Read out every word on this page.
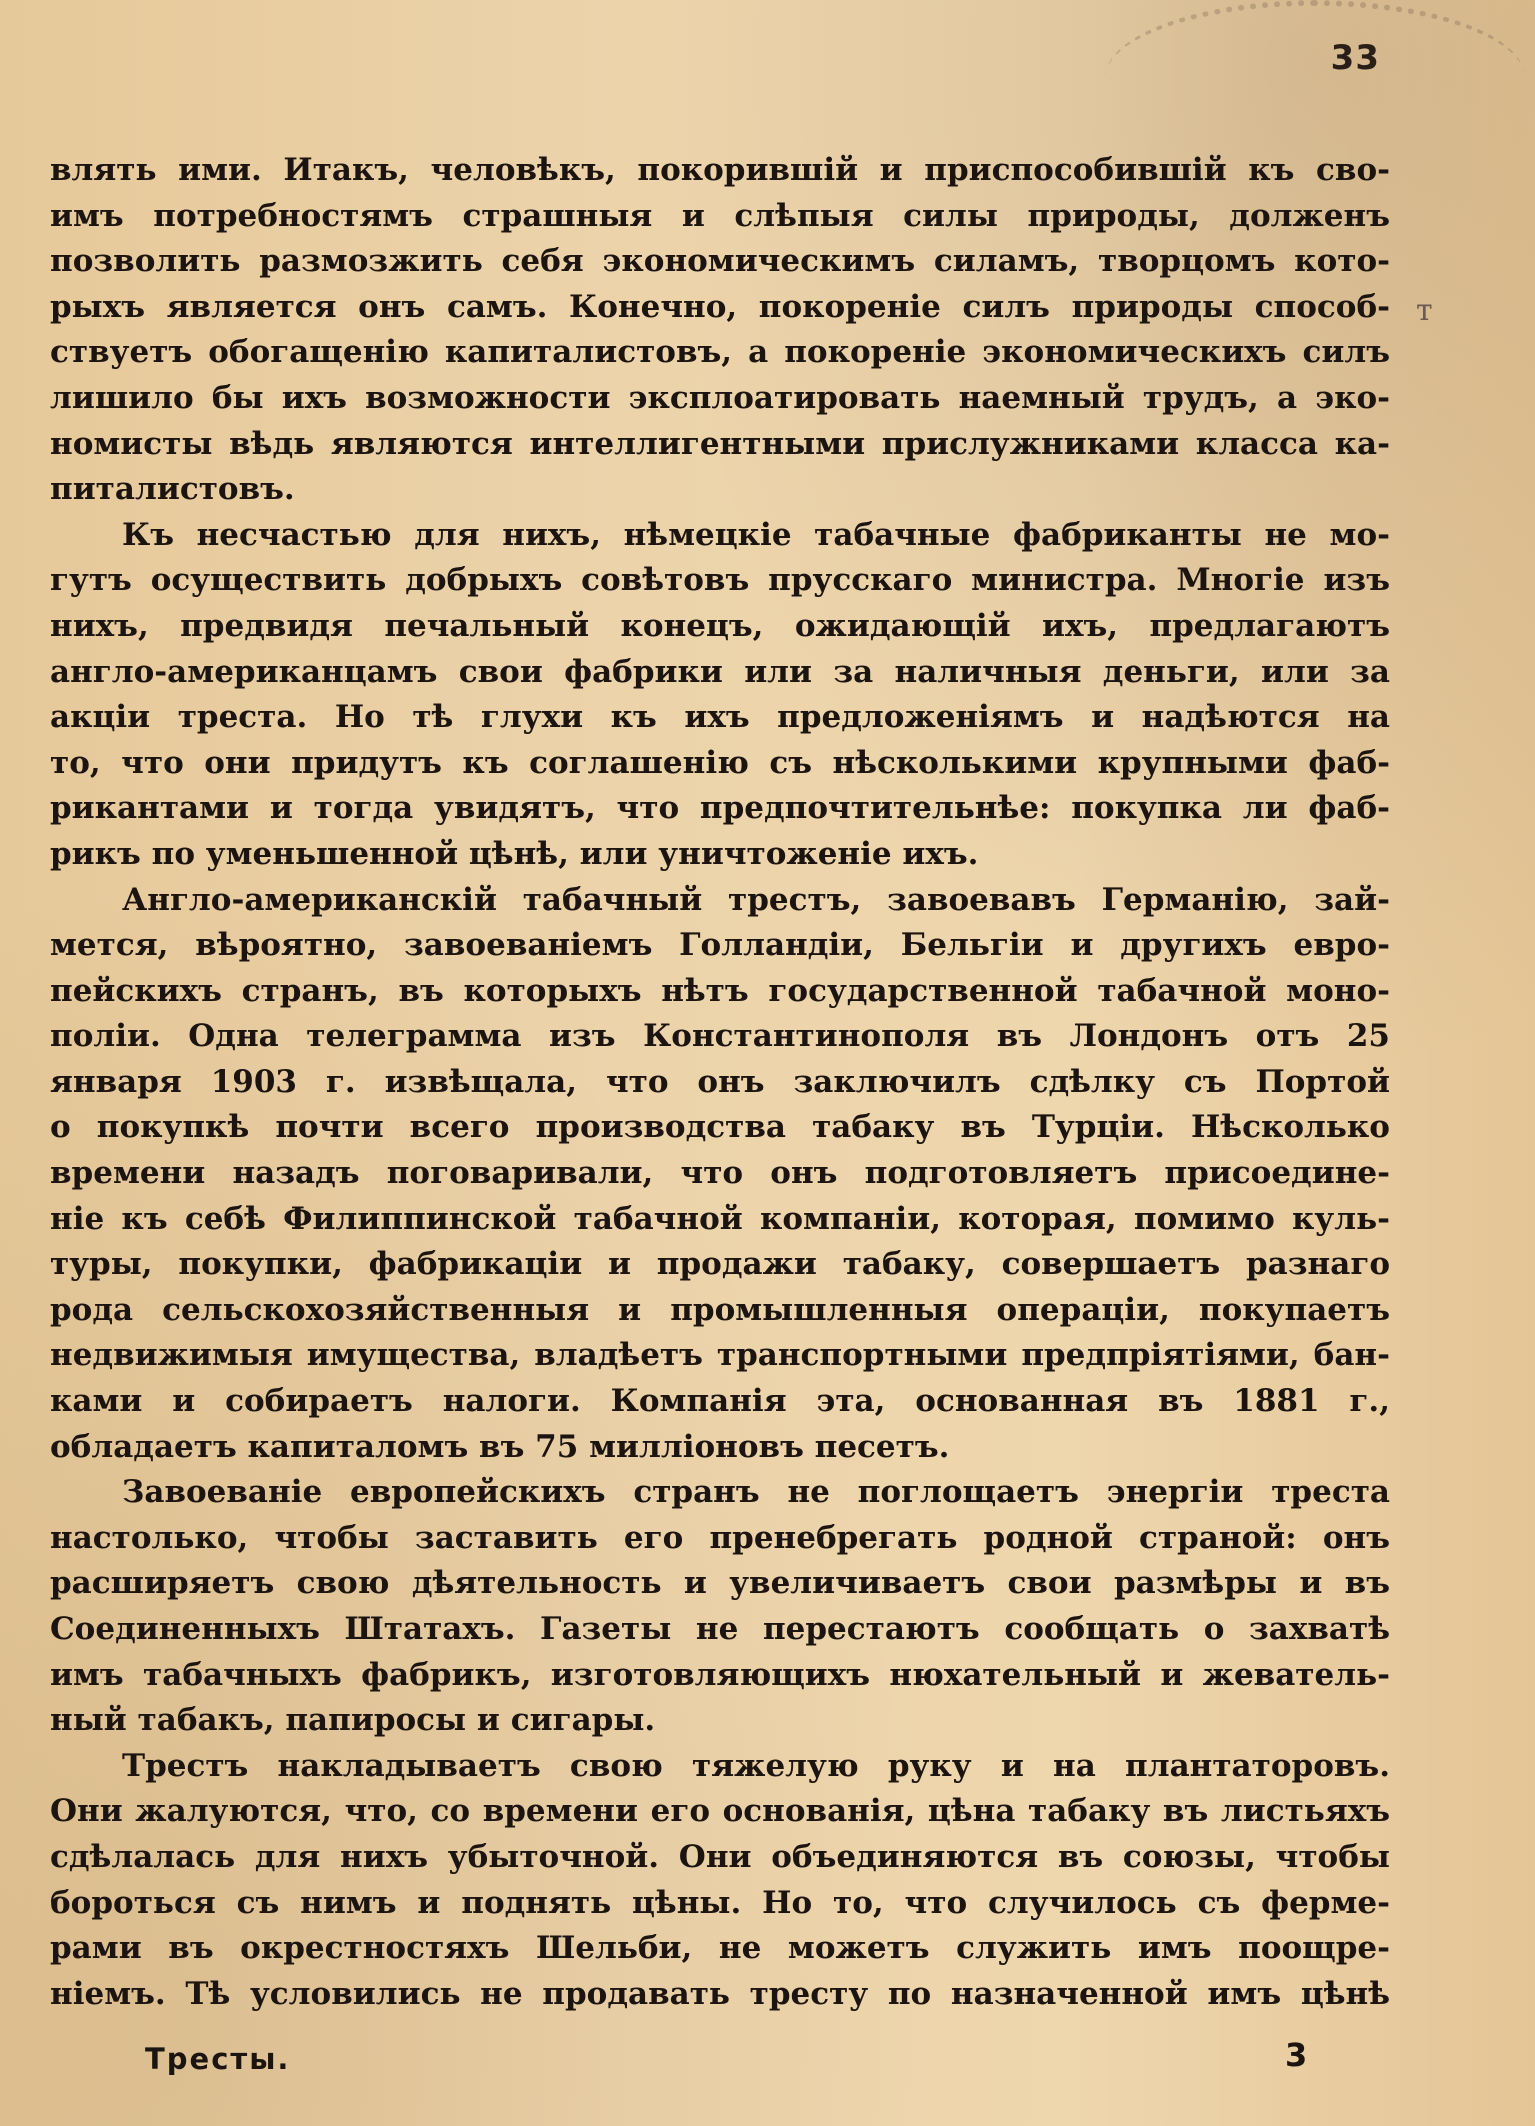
33
т
влять ими. Итакъ, человѣкъ, покорившій и приспособившій къ сво-
имъ потребностямъ страшныя и слѣпыя силы природы, долженъ
позволить размозжить себя экономическимъ силамъ, творцомъ кото-
рыхъ является онъ самъ. Конечно, покореніе силъ природы способ-
ствуетъ обогащенію капиталистовъ, а покореніе экономическихъ силъ
лишило бы ихъ возможности эксплоатировать наемный трудъ, а эко-
номисты вѣдь являются интеллигентными прислужниками класса ка-
питалистовъ.
Къ несчастью для нихъ, нѣмецкіе табачные фабриканты не мо-
гутъ осуществить добрыхъ совѣтовъ прусскаго министра. Многіе изъ
нихъ, предвидя печальный конецъ, ожидающій ихъ, предлагаютъ
англо-американцамъ свои фабрики или за наличныя деньги, или за
акціи треста. Но тѣ глухи къ ихъ предложеніямъ и надѣются на
то, что они придутъ къ соглашенію съ нѣсколькими крупными фаб-
рикантами и тогда увидятъ, что предпочтительнѣе: покупка ли фаб-
рикъ по уменьшенной цѣнѣ, или уничтоженіе ихъ.
Англо-американскій табачный трестъ, завоевавъ Германію, зай-
мется, вѣроятно, завоеваніемъ Голландіи, Бельгіи и другихъ евро-
пейскихъ странъ, въ которыхъ нѣтъ государственной табачной моно-
поліи. Одна телеграмма изъ Константинополя въ Лондонъ отъ 25
января 1903 г. извѣщала, что онъ заключилъ сдѣлку съ Портой
о покупкѣ почти всего производства табаку въ Турціи. Нѣсколько
времени назадъ поговаривали, что онъ подготовляетъ присоедине-
ніе къ себѣ Филиппинской табачной компаніи, которая, помимо куль-
туры, покупки, фабрикаціи и продажи табаку, совершаетъ разнаго
рода сельскохозяйственныя и промышленныя операціи, покупаетъ
недвижимыя имущества, владѣетъ транспортными предпріятіями, бан-
ками и собираетъ налоги. Компанія эта, основанная въ 1881 г.,
обладаетъ капиталомъ въ 75 милліоновъ песетъ.
Завоеваніе европейскихъ странъ не поглощаетъ энергіи треста
настолько, чтобы заставить его пренебрегать родной страной: онъ
расширяетъ свою дѣятельность и увеличиваетъ свои размѣры и въ
Соединенныхъ Штатахъ. Газеты не перестаютъ сообщать о захватѣ
имъ табачныхъ фабрикъ, изготовляющихъ нюхательный и жеватель-
ный табакъ, папиросы и сигары.
Трестъ накладываетъ свою тяжелую руку и на плантаторовъ.
Они жалуются, что, со времени его основанія, цѣна табаку въ листьяхъ
сдѣлалась для нихъ убыточной. Они объединяются въ союзы, чтобы
бороться съ нимъ и поднять цѣны. Но то, что случилось съ ферме-
рами въ окрестностяхъ Шельби, не можетъ служить имъ поощре-
ніемъ. Тѣ условились не продавать тресту по назначенной имъ цѣнѣ
Тресты.	3
